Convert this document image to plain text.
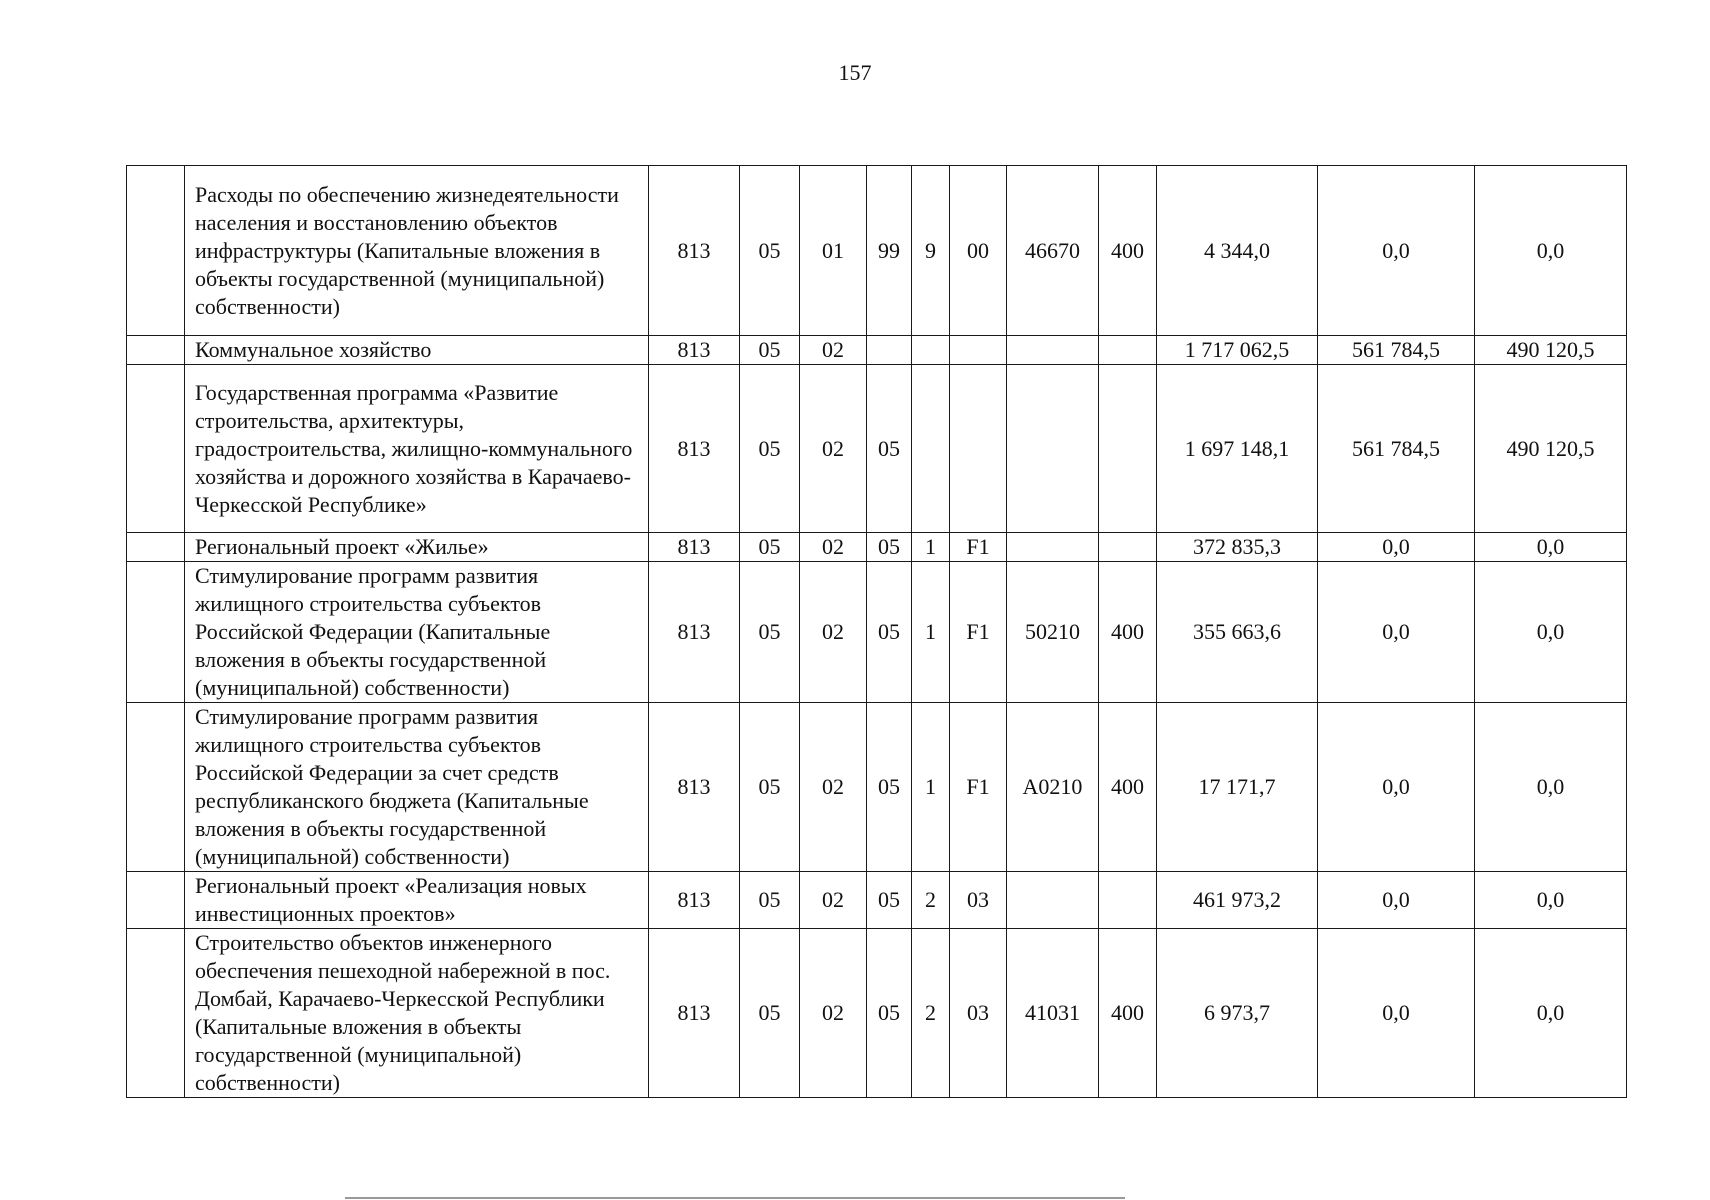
157
	Расходы по обеспечению жизнедеятельности населения и восстановлению объектов инфраструктуры (Капитальные вложения в объекты государственной (муниципальной) собственности)	813	05	01	99	9	00	46670	400	4 344,0	0,0	0,0
	Коммунальное хозяйство	813	05	02						1 717 062,5	561 784,5	490 120,5
	Государственная программа «Развитие строительства, архитектуры, градостроительства, жилищно-коммунального хозяйства и дорожного хозяйства в Карачаево-Черкесской Республике»	813	05	02	05					1 697 148,1	561 784,5	490 120,5
	Региональный проект «Жилье»	813	05	02	05	1	F1			372 835,3	0,0	0,0
	Стимулирование программ развития жилищного строительства субъектов Российской Федерации (Капитальные вложения в объекты государственной (муниципальной) собственности)	813	05	02	05	1	F1	50210	400	355 663,6	0,0	0,0
	Стимулирование программ развития жилищного строительства субъектов Российской Федерации за счет средств республиканского бюджета (Капитальные вложения в объекты государственной (муниципальной) собственности)	813	05	02	05	1	F1	A0210	400	17 171,7	0,0	0,0
	Региональный проект «Реализация новых инвестиционных проектов»	813	05	02	05	2	03			461 973,2	0,0	0,0
	Строительство объектов инженерного обеспечения пешеходной набережной в пос. Домбай, Карачаево-Черкесской Республики (Капитальные вложения в объекты государственной (муниципальной) собственности)	813	05	02	05	2	03	41031	400	6 973,7	0,0	0,0
